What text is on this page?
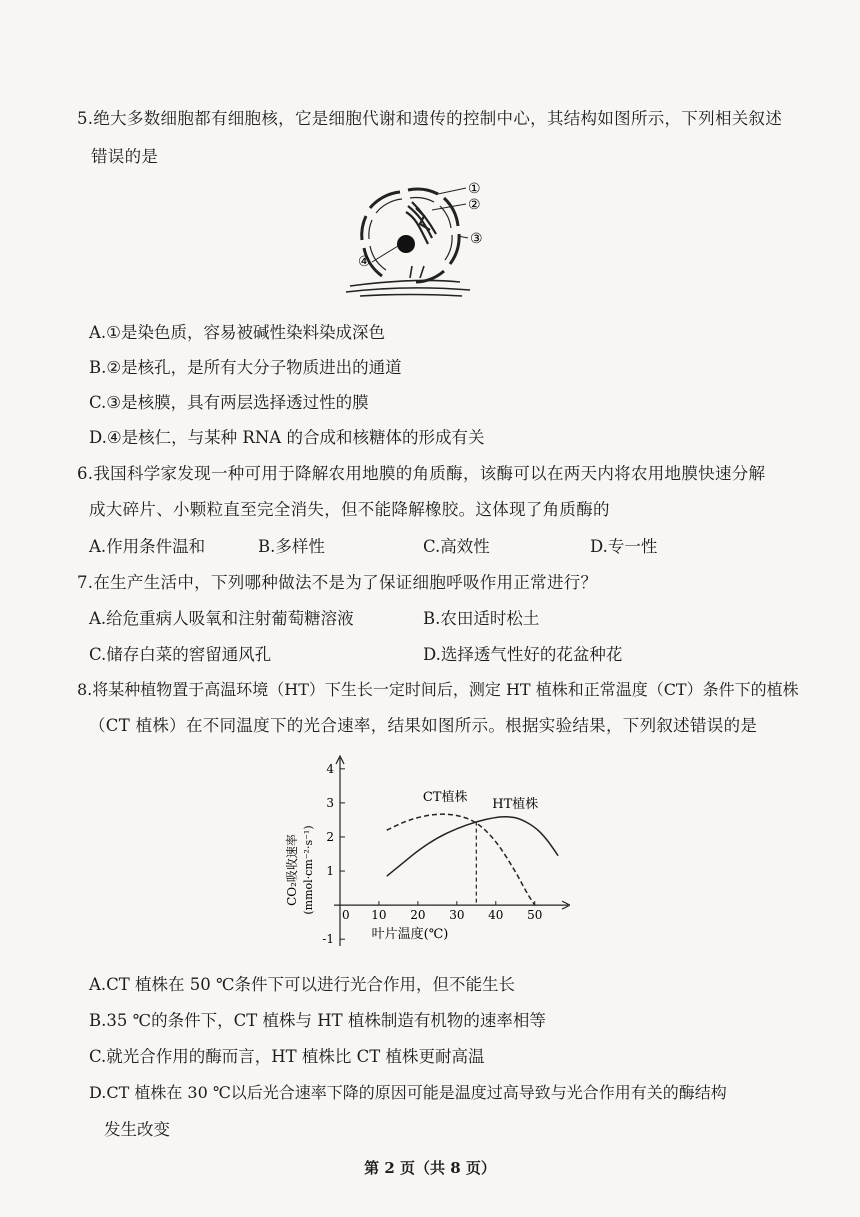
5.绝大多数细胞都有细胞核，它是细胞代谢和遗传的控制中心，其结构如图所示，下列相关叙述
错误的是
①
②
③
④
A.①是染色质，容易被碱性染料染成深色
B.②是核孔，是所有大分子物质进出的通道
C.③是核膜，具有两层选择透过性的膜
D.④是核仁，与某种 RNA 的合成和核糖体的形成有关
6.我国科学家发现一种可用于降解农用地膜的角质酶，该酶可以在两天内将农用地膜快速分解
成大碎片、小颗粒直至完全消失，但不能降解橡胶。这体现了角质酶的
A.作用条件温和	B.多样性	C.高效性	D.专一性
7.在生产生活中，下列哪种做法不是为了保证细胞呼吸作用正常进行？
A.给危重病人吸氧和注射葡萄糖溶液	B.农田适时松土
C.储存白菜的窖留通风孔	D.选择透气性好的花盆种花
8.将某种植物置于高温环境（HT）下生长一定时间后，测定 HT 植株和正常温度（CT）条件下的植株
（CT 植株）在不同温度下的光合速率，结果如图所示。根据实验结果，下列叙述错误的是
CO₂吸收速率 (mmol·cm⁻²·s⁻¹)
-1
1
2
3
4
0 10 20 30 40 50
CT植株 HT植株
叶片温度(℃)
A.CT 植株在 50 ℃条件下可以进行光合作用，但不能生长
B.35 ℃的条件下，CT 植株与 HT 植株制造有机物的速率相等
C.就光合作用的酶而言，HT 植株比 CT 植株更耐高温
D.CT 植株在 30 ℃以后光合速率下降的原因可能是温度过高导致与光合作用有关的酶结构
发生改变
第 2 页（共 8 页）
